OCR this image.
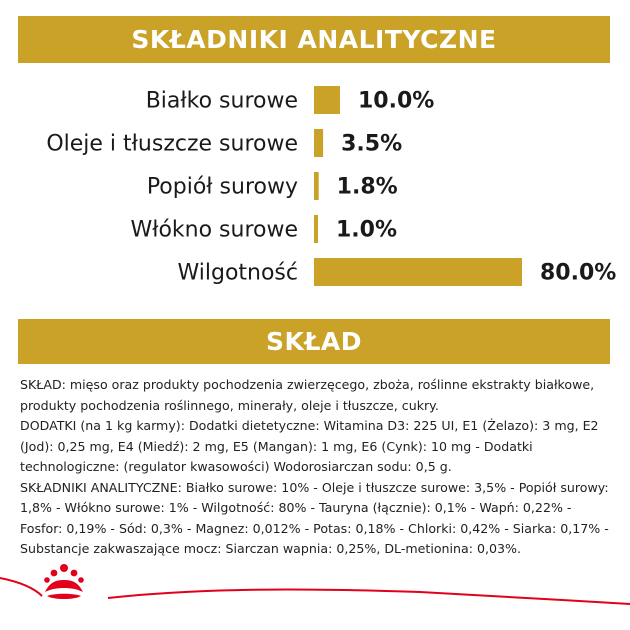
SKŁADNIKI ANALITYCZNE
Białko surowe	10.0%
Oleje i tłuszcze surowe 3.5%
Popiół surowy 1.8%
Włókno surowe 1.0%
Wilgotność	80.0%
SKŁAD

SKŁAD: mięso oraz produkty pochodzenia zwierzęcego, zboża, roślinne ekstrakty białkowe, produkty pochodzenia roślinnego, minerały, oleje i tłuszcze, cukry.

DODATKI (na 1 kg karmy): Dodatki dietetyczne: Witamina D3: 225 UI, E1 (Żelazo): 3 mg, E2 (Jod): 0,25 mg, E4 (Miedź): 2 mg, E5 (Mangan): 1 mg, E6 (Cynk): 10 mg - Dodatki technologiczne: (regulator kwasowości) Wodorosiarczan sodu: 0,5 g.

SKŁADNIKI ANALITYCZNE: Białko surowe: 10% - Oleje i tłuszcze surowe: 3,5% - Popiół surowy: 1,8% - Włókno surowe: 1% - Wilgotność: 80% - Tauryna (łącznie): 0,1% - Wapń: 0,22% - Fosfor: 0,19% - Sód: 0,3% - Magnez: 0,012% - Potas: 0,18% - Chlorki: 0,42% - Siarka: 0,17% - Substancje zakwaszające mocz: Siarczan wapnia: 0,25%, DL-metionina: 0,03%.
